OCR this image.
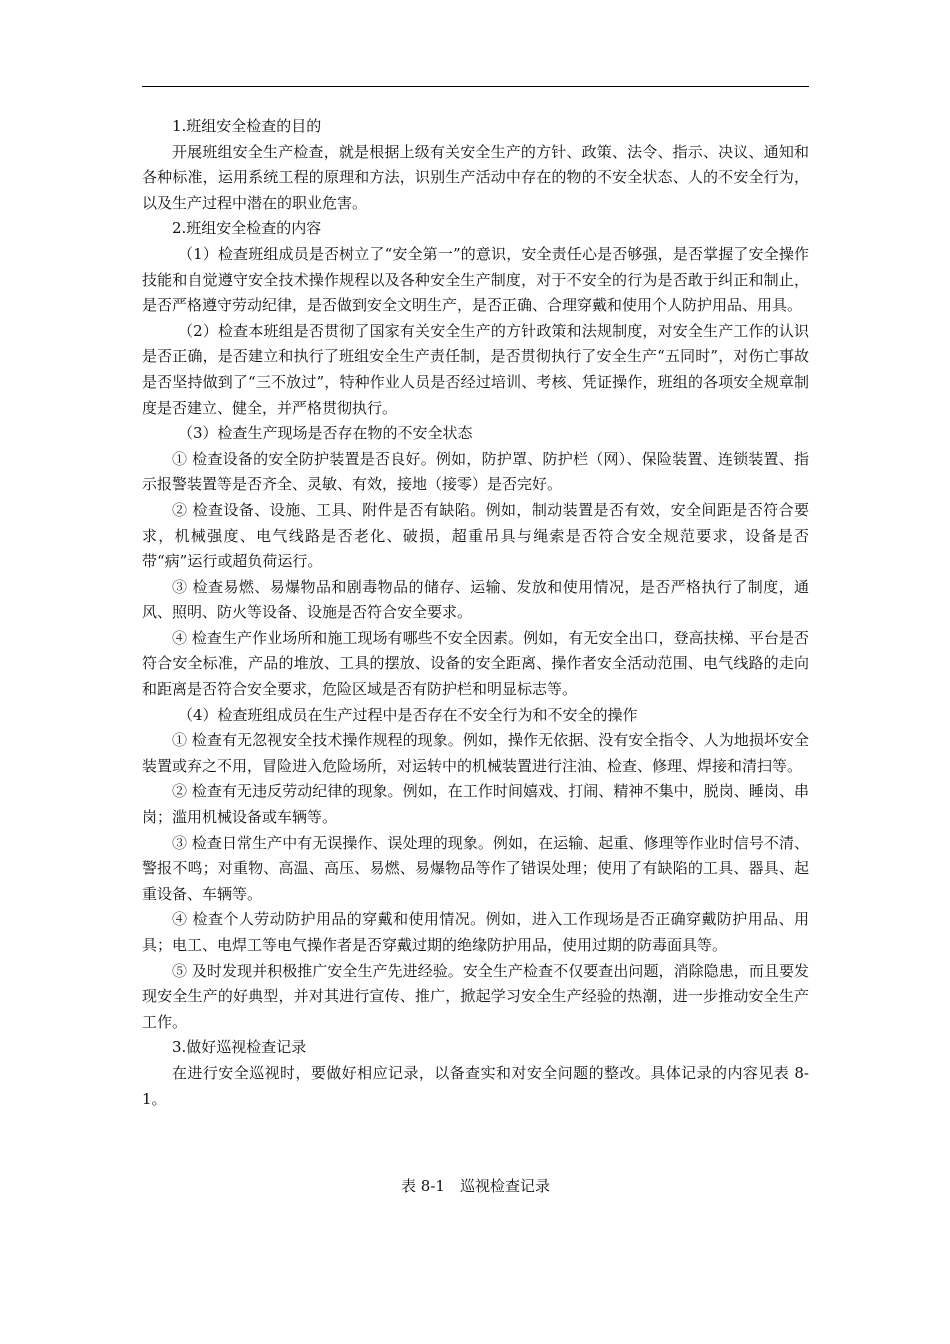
1.班组安全检查的目的

开展班组安全生产检查，就是根据上级有关安全生产的方针、政策、法令、指示、决议、通知和各种标准，运用系统工程的原理和方法，识别生产活动中存在的物的不安全状态、人的不安全行为，以及生产过程中潜在的职业危害。

2.班组安全检查的内容

（1）检查班组成员是否树立了“安全第一”的意识，安全责任心是否够强，是否掌握了安全操作技能和自觉遵守安全技术操作规程以及各种安全生产制度，对于不安全的行为是否敢于纠正和制止，是否严格遵守劳动纪律，是否做到安全文明生产，是否正确、合理穿戴和使用个人防护用品、用具。

（2）检查本班组是否贯彻了国家有关安全生产的方针政策和法规制度，对安全生产工作的认识是否正确，是否建立和执行了班组安全生产责任制，是否贯彻执行了安全生产“五同时”，对伤亡事故是否坚持做到了“三不放过”，特种作业人员是否经过培训、考核、凭证操作，班组的各项安全规章制度是否建立、健全，并严格贯彻执行。

（3）检查生产现场是否存在物的不安全状态

① 检查设备的安全防护装置是否良好。例如，防护罩、防护栏（网）、保险装置、连锁装置、指示报警装置等是否齐全、灵敏、有效，接地（接零）是否完好。

② 检查设备、设施、工具、附件是否有缺陷。例如，制动装置是否有效，安全间距是否符合要求，机械强度、电气线路是否老化、破损，超重吊具与绳索是否符合安全规范要求，设备是否带“病”运行或超负荷运行。

③ 检查易燃、易爆物品和剧毒物品的储存、运输、发放和使用情况，是否严格执行了制度，通风、照明、防火等设备、设施是否符合安全要求。

④ 检查生产作业场所和施工现场有哪些不安全因素。例如，有无安全出口，登高扶梯、平台是否符合安全标准，产品的堆放、工具的摆放、设备的安全距离、操作者安全活动范围、电气线路的走向和距离是否符合安全要求，危险区域是否有防护栏和明显标志等。

（4）检查班组成员在生产过程中是否存在不安全行为和不安全的操作

① 检查有无忽视安全技术操作规程的现象。例如，操作无依据、没有安全指令、人为地损坏安全装置或弃之不用，冒险进入危险场所，对运转中的机械装置进行注油、检查、修理、焊接和清扫等。

② 检查有无违反劳动纪律的现象。例如，在工作时间嬉戏、打闹、精神不集中，脱岗、睡岗、串岗；滥用机械设备或车辆等。

③ 检查日常生产中有无误操作、误处理的现象。例如，在运输、起重、修理等作业时信号不清、警报不鸣；对重物、高温、高压、易燃、易爆物品等作了错误处理；使用了有缺陷的工具、器具、起重设备、车辆等。

④ 检查个人劳动防护用品的穿戴和使用情况。例如，进入工作现场是否正确穿戴防护用品、用具；电工、电焊工等电气操作者是否穿戴过期的绝缘防护用品，使用过期的防毒面具等。

⑤ 及时发现并积极推广安全生产先进经验。安全生产检查不仅要查出问题，消除隐患，而且要发现安全生产的好典型，并对其进行宣传、推广，掀起学习安全生产经验的热潮，进一步推动安全生产工作。

3.做好巡视检查记录

在进行安全巡视时，要做好相应记录，以备查实和对安全问题的整改。具体记录的内容见表 8-1。

表 8-1　巡视检查记录
